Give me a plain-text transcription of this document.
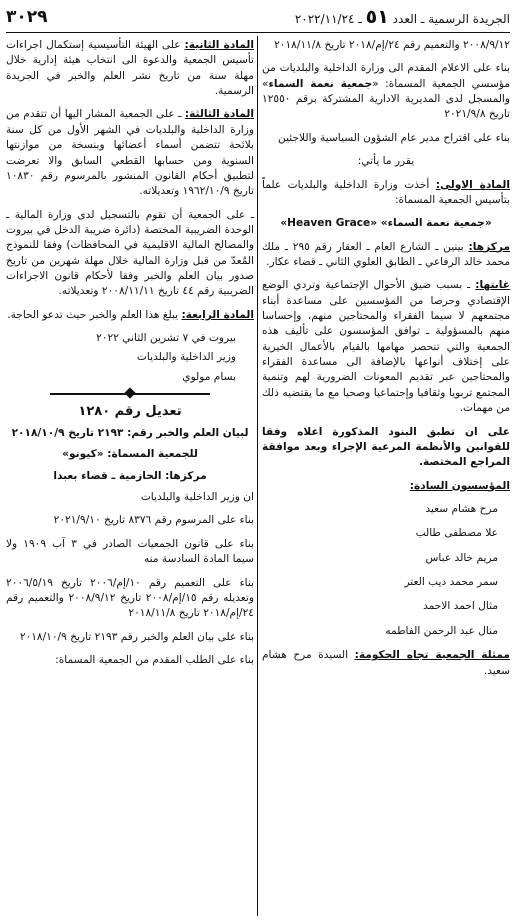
الجريدة الرسمية ـ العدد ٥١ ـ ٢٠٢٢/١١/٢٤
٣٠٢٩

٢٠٠٨/٩/١٢ والتعميم رقم ٢٤/إم/٢٠١٨ تاريخ ٢٠١٨/١١/٨

بناء على الاعلام المقدم الى وزارة الداخلية والبلديات من مؤسسي الجمعية المسماة: «جمعية نعمة السماء» والمسجل لدى المديرية الادارية المشتركة برقم ١٢٥٥٠ تاريخ ٢٠٢١/٩/٨

بناء على اقتراح مدير عام الشؤون السياسية واللاجئين

يقرر ما يأتي:

المادة الاولى: أخذت وزارة الداخلية والبلديات علماً بتأسيس الجمعية المسماة:

«جمعية نعمة السماء» «Heaven Grace»

مركزها: بينين ـ الشارع العام ـ العقار رقم ٢٩٥ ـ ملك محمد خالد الرفاعي ـ الطابق العلوي الثاني ـ قضاء عكار.

غايتها: ـ بسبب ضيق الأحوال الإجتماعية وتردي الوضع الإقتصادي وحرصا من المؤسسين على مساعدة أبناء مجتمعهم لا سيما الفقراء والمحتاجين منهم، وإحساسا منهم بالمسؤولية ـ توافق المؤسسون على تأليف هذه الجمعية والتي تنحصر مهامها بالقيام بالأعمال الخيرية على إختلاف أنواعها بالإضافة الى مساعدة الفقراء والمحتاجين عبر تقديم المعونات الضرورية لهم وتنمية المجتمع تربويا وثقافيا وإجتماعيا وصحيا مع ما يقتضيه ذلك من مهمات.

على ان تطبق البنود المذكورة اعلاه وفقا للقوانين والأنظمة المرعية الإجراء وبعد موافقة المراجع المختصة.

المؤسسون السادة:

مرح هشام سعيد
علا مصطفى طالب
مريم خالد عباس
سمر محمد ديب العتر
مثال احمد الاحمد
منال عبد الرحمن الفاطمه

ممثلة الجمعية تجاه الحكومة: السيدة مرح هشام سعيد.

المادة الثانية: على الهيئة التأسيسية إستكمال اجراءات تأسيس الجمعية والدعوة الى انتخاب هيئة إدارية خلال مهلة سنة من تاريخ نشر العلم والخبر في الجريدة الرسمية.

المادة الثالثة: ـ على الجمعية المشار اليها أن تتقدم من وزارة الداخلية والبلديات في الشهر الأول من كل سنة بلائحة تتضمن أسماء أعضائها وبنسخة من موازنتها السنوية ومن حسابها القطعي السابق والا تعرضت لتطبيق أحكام القانون المنشور بالمرسوم رقم ١٠٨٣٠ تاريخ ١٩٦٢/١٠/٩ وتعديلاته.

ـ على الجمعية أن تقوم بالتسجيل لدى وزارة المالية ـ الوحدة الضريبية المختصة (دائرة ضريبة الدخل في بيروت والمصالح المالية الاقليمية في المحافظات) وفقا للنموذج المُعدّ من قبل وزارة المالية خلال مهلة شهرين من تاريخ صدور بيان العلم والخبر وفقا لأحكام قانون الاجراءات الضريبية رقم ٤٤ تاريخ ٢٠٠٨/١١/١١ وتعديلاته.

المادة الرابعة: يبلغ هذا العلم والخبر حيث تدعو الحاجة.

بيروت في ٧ تشرين الثاني ٢٠٢٢

وزير الداخلية والبلديات

بسام مولوي

تعديل رقم ١٢٨٠
لبيان العلم والخبر رقم: ٢١٩٣ تاريخ ٢٠١٨/١٠/٩
للجمعية المسماة: «كيونو»
مركزها: الحازمية ـ قضاء بعبدا

ان وزير الداخلية والبلديات

بناء على المرسوم رقم ٨٣٧٦ تاريخ ٢٠٢١/٩/١٠

بناء على قانون الجمعيات الصادر في ٣ آب ١٩٠٩ ولا سيما المادة السادسة منه

بناء على التعميم رقم ١٠/إم/٢٠٠٦ تاريخ ٢٠٠٦/٥/١٩ وتعديله رقم ١٥/إم/٢٠٠٨ تاريخ ٢٠٠٨/٩/١٢ والتعميم رقم ٢٤/إم/٢٠١٨ تاريخ ٢٠١٨/١١/٨

بناء على بيان العلم والخبر رقم ٢١٩٣ تاريخ ٢٠١٨/١٠/٩

بناء على الطلب المقدم من الجمعية المسماة:
